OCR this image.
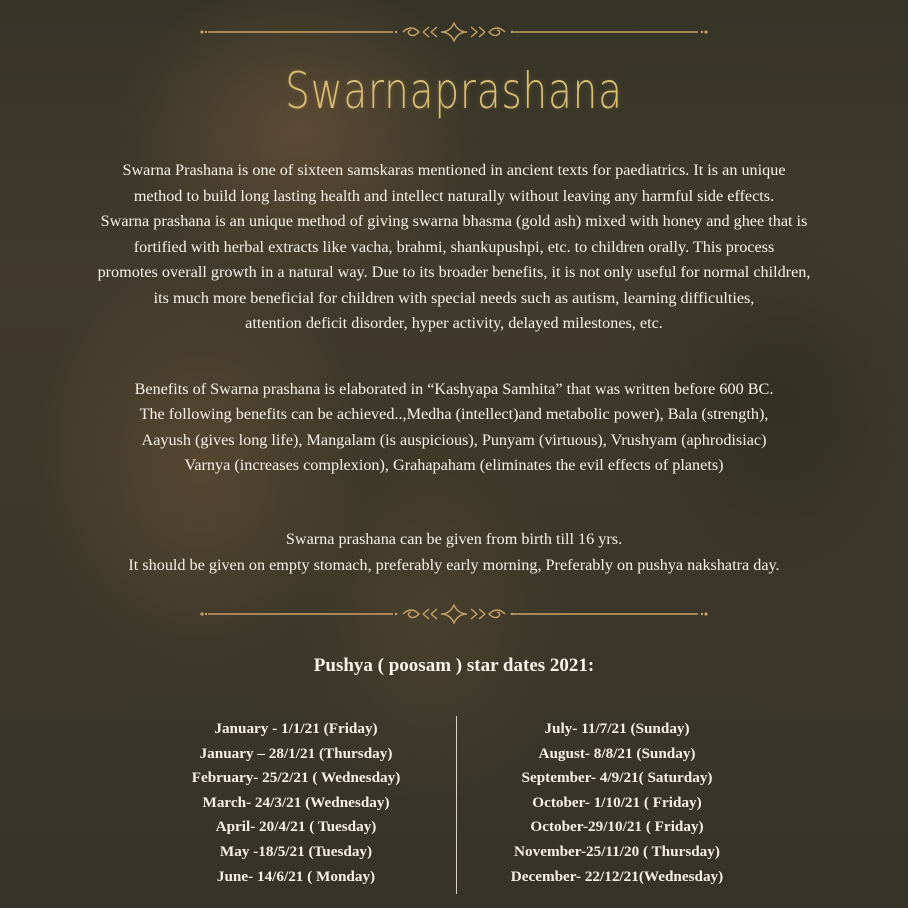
Swarnaprashana
Swarna Prashana is one of sixteen samskaras mentioned in ancient texts for paediatrics. It is an unique
method to build long lasting health and intellect naturally without leaving any harmful side effects.
Swarna prashana is an unique method of giving swarna bhasma (gold ash) mixed with honey and ghee that is
fortified with herbal extracts like vacha, brahmi, shankupushpi, etc. to children orally. This process
promotes overall growth in a natural way. Due to its broader benefits, it is not only useful for normal children,
its much more beneficial for children with special needs such as autism, learning difficulties,
attention deficit disorder, hyper activity, delayed milestones, etc.
Benefits of Swarna prashana is elaborated in “Kashyapa Samhita” that was written before 600 BC.
The following benefits can be achieved..,Medha (intellect)and metabolic power), Bala (strength),
Aayush (gives long life), Mangalam (is auspicious), Punyam (virtuous), Vrushyam (aphrodisiac)
Varnya (increases complexion), Grahapaham (eliminates the evil effects of planets)
Swarna prashana can be given from birth till 16 yrs.
It should be given on empty stomach, preferably early morning, Preferably on pushya nakshatra day.
Pushya ( poosam ) star dates 2021:
January - 1/1/21 (Friday)
January – 28/1/21 (Thursday)
February- 25/2/21 ( Wednesday)
March- 24/3/21 (Wednesday)
April- 20/4/21 ( Tuesday)
May -18/5/21 (Tuesday)
June- 14/6/21 ( Monday)
July- 11/7/21 (Sunday)
August- 8/8/21 (Sunday)
September- 4/9/21( Saturday)
October- 1/10/21 ( Friday)
October-29/10/21 ( Friday)
November-25/11/20 ( Thursday)
December- 22/12/21(Wednesday)
